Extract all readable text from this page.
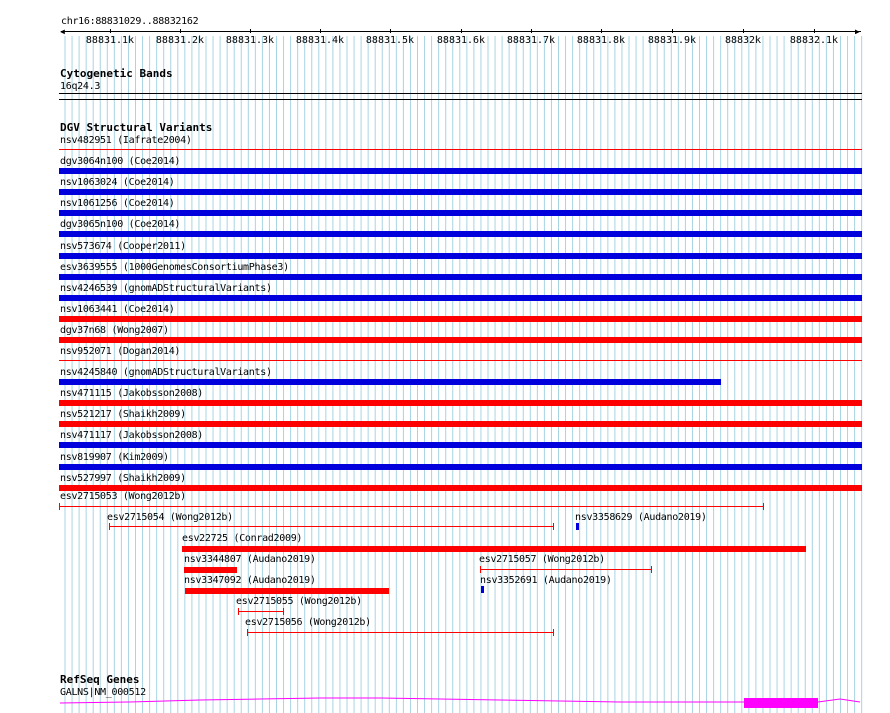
chr16:88831029..88832162
◀	▶
88831.1k 88831.2k 88831.3k 88831.4k 88831.5k 88831.6k 88831.7k 88831.8k 88831.9k	88832k	88832.1k
Cytogenetic Bands
16q24.3
DGV Structural Variants
nsv482951 (Iafrate2004)
dgv3064n100 (Coe2014)
nsv1063024 (Coe2014)
nsv1061256 (Coe2014)
dgv3065n100 (Coe2014)
nsv573674 (Cooper2011)
esv3639555 (1000GenomesConsortiumPhase3)
nsv4246539 (gnomADStructuralVariants)
nsv1063441 (Coe2014)
dgv37n68 (Wong2007)
nsv952071 (Dogan2014)
nsv4245840 (gnomADStructuralVariants)
nsv471115 (Jakobsson2008)
nsv521217 (Shaikh2009)
nsv471117 (Jakobsson2008)
nsv819907 (Kim2009)
nsv527997 (Shaikh2009)
esv2715053 (Wong2012b)
esv2715054 (Wong2012b)	nsv3358629 (Audano2019)
esv22725 (Conrad2009)
nsv3344807 (Audano2019)	esv2715057 (Wong2012b)
nsv3347092 (Audano2019)	nsv3352691 (Audano2019)
esv2715055 (Wong2012b)
esv2715056 (Wong2012b)
RefSeq Genes
GALNS|NM_000512
